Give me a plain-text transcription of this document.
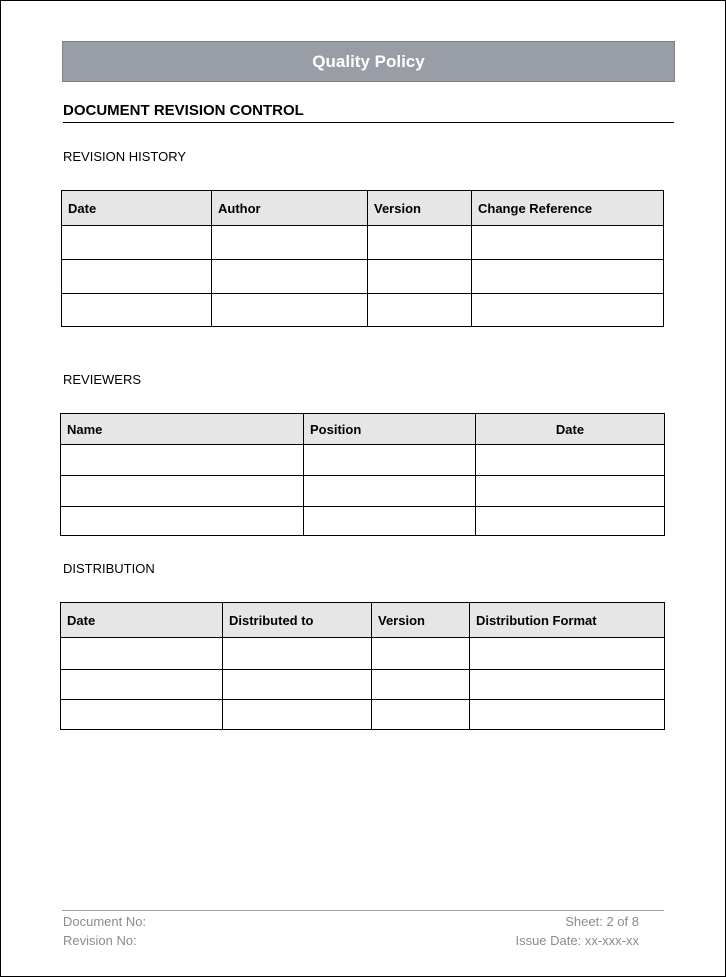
Quality Policy
DOCUMENT REVISION CONTROL
REVISION HISTORY
Date	Author	Version	Change Reference

REVIEWERS
Name	Position	Date

DISTRIBUTION
Date	Distributed to	Version	Distribution Format

Document No:
Revision No:
Sheet: 2 of 8
Issue Date: xx-xxx-xx
